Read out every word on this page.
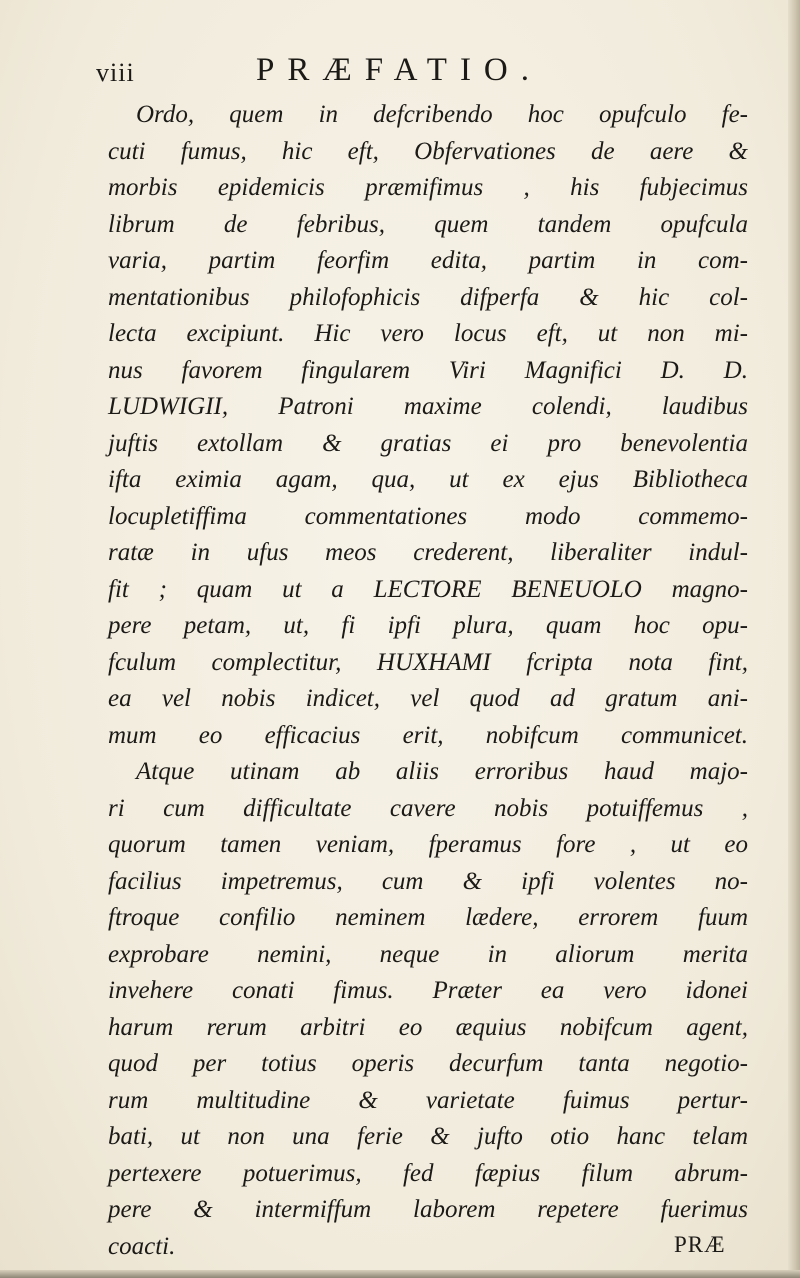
viii	PRÆFATIO.
Ordo, quem in defcribendo hoc opufculo fe-
cuti fumus, hic eft, Obfervationes de aere &
morbis epidemicis præmifimus , his fubjecimus
librum de febribus, quem tandem opufcula
varia, partim feorfim edita, partim in com-
mentationibus philofophicis difperfa & hic col-
lecta excipiunt. Hic vero locus eft, ut non mi-
nus favorem fingularem Viri Magnifici D. D.
LUDWIGII, Patroni maxime colendi, laudibus
juftis extollam & gratias ei pro benevolentia
ifta eximia agam, qua, ut ex ejus Bibliotheca
locupletiffima commentationes modo commemo-
ratæ in ufus meos crederent, liberaliter indul-
fit ; quam ut a LECTORE BENEUOLO magno-
pere petam, ut, fi ipfi plura, quam hoc opu-
fculum complectitur, HUXHAMI fcripta nota fint,
ea vel nobis indicet, vel quod ad gratum ani-
mum eo efficacius erit, nobifcum communicet.
Atque utinam ab aliis erroribus haud majo-
ri cum difficultate cavere nobis potuiffemus ,
quorum tamen veniam, fperamus fore , ut eo
facilius impetremus, cum & ipfi volentes no-
ftroque confilio neminem lædere, errorem fuum
exprobare nemini, neque in aliorum merita
invehere conati fimus. Præter ea vero idonei
harum rerum arbitri eo æquius nobifcum agent,
quod per totius operis decurfum tanta negotio-
rum multitudine & varietate fuimus pertur-
bati, ut non una ferie & jufto otio hanc telam
pertexere potuerimus, fed fæpius filum abrum-
pere & intermiffum laborem repetere fuerimus
coacti.	PRÆ
